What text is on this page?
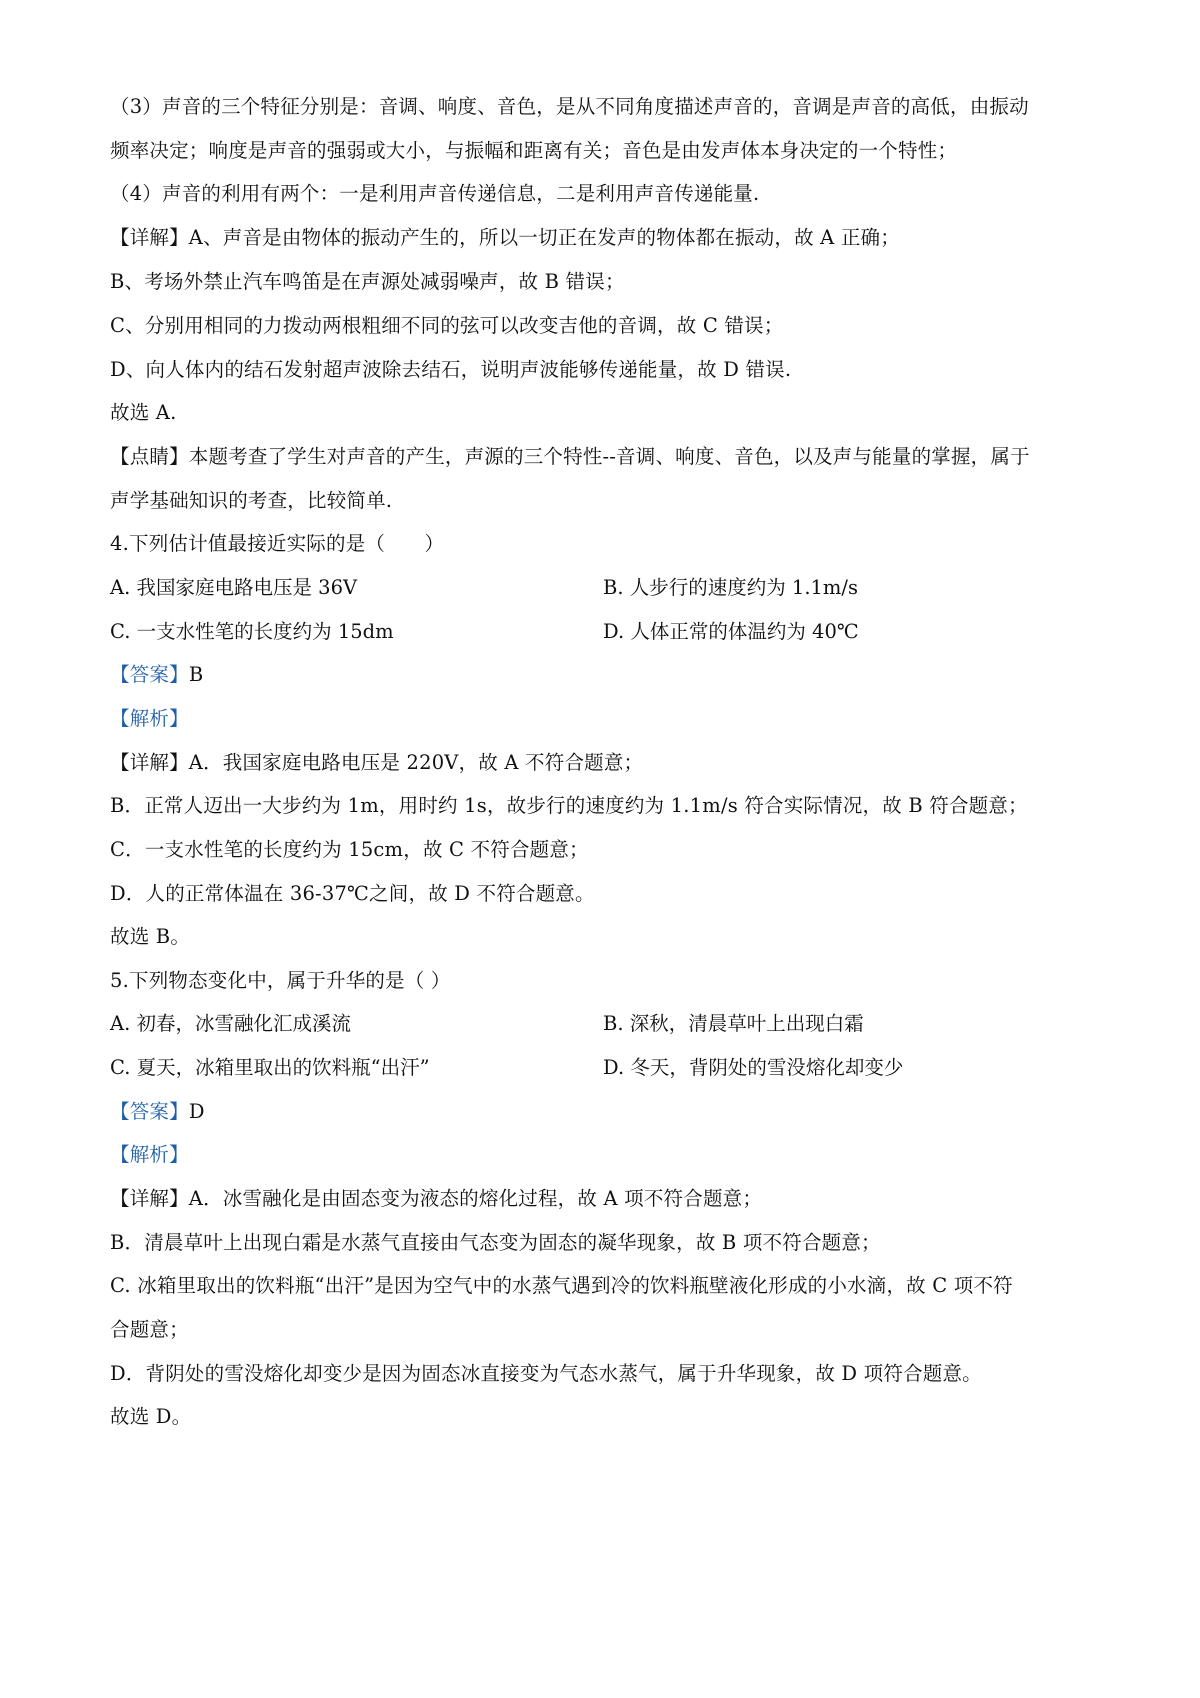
（3）声音的三个特征分别是：音调、响度、音色，是从不同角度描述声音的，音调是声音的高低，由振动
频率决定；响度是声音的强弱或大小，与振幅和距离有关；音色是由发声体本身决定的一个特性；
（4）声音的利用有两个：一是利用声音传递信息，二是利用声音传递能量.
【详解】A、声音是由物体的振动产生的，所以一切正在发声的物体都在振动，故 A 正确；
B、考场外禁止汽车鸣笛是在声源处减弱噪声，故 B 错误；
C、分别用相同的力拨动两根粗细不同的弦可以改变吉他的音调，故 C 错误；
D、向人体内的结石发射超声波除去结石，说明声波能够传递能量，故 D 错误.
故选 A.
【点睛】本题考查了学生对声音的产生，声源的三个特性--音调、响度、音色，以及声与能量的掌握，属于
声学基础知识的考查，比较简单.
4.下列估计值最接近实际的是（　　）
A. 我国家庭电路电压是 36V	B. 人步行的速度约为 1.1m/s
C. 一支水性笔的长度约为 15dm	D. 人体正常的体温约为 40℃
【答案】B
【解析】
【详解】A．我国家庭电路电压是 220V，故 A 不符合题意；
B．正常人迈出一大步约为 1m，用时约 1s，故步行的速度约为 1.1m/s 符合实际情况，故 B 符合题意；
C．一支水性笔的长度约为 15cm，故 C 不符合题意；
D．人的正常体温在 36-37℃之间，故 D 不符合题意。
故选 B。
5.下列物态变化中，属于升华的是（ ）
A. 初春，冰雪融化汇成溪流	B. 深秋，清晨草叶上出现白霜
C. 夏天，冰箱里取出的饮料瓶“出汗”	D. 冬天，背阴处的雪没熔化却变少
【答案】D
【解析】
【详解】A．冰雪融化是由固态变为液态的熔化过程，故 A 项不符合题意；
B．清晨草叶上出现白霜是水蒸气直接由气态变为固态的凝华现象，故 B 项不符合题意；
C. 冰箱里取出的饮料瓶“出汗”是因为空气中的水蒸气遇到冷的饮料瓶壁液化形成的小水滴，故 C 项不符
合题意；
D．背阴处的雪没熔化却变少是因为固态冰直接变为气态水蒸气，属于升华现象，故 D 项符合题意。
故选 D。
